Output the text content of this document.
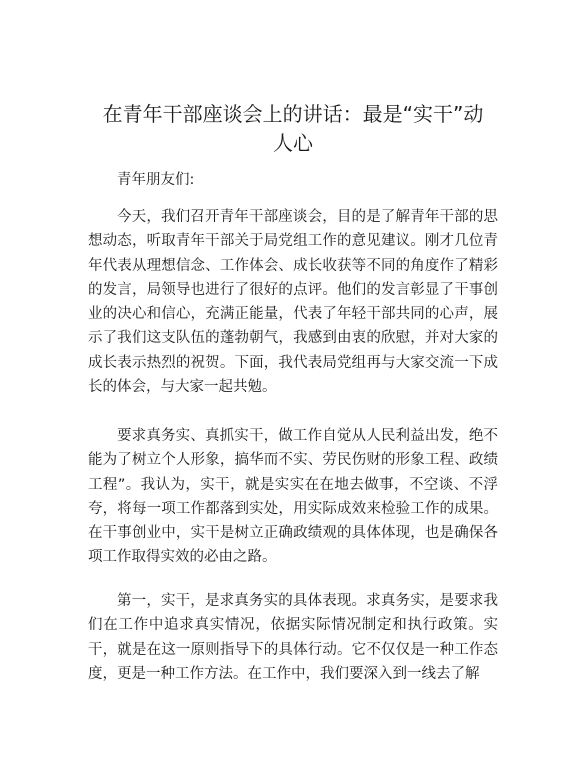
在青年干部座谈会上的讲话：最是“实干”动
人心

青年朋友们:

今天，我们召开青年干部座谈会，目的是了解青年干部的思想动态，听取青年干部关于局党组工作的意见建议。刚才几位青年代表从理想信念、工作体会、成长收获等不同的角度作了精彩的发言，局领导也进行了很好的点评。他们的发言彰显了干事创业的决心和信心，充满正能量，代表了年轻干部共同的心声，展示了我们这支队伍的蓬勃朝气，我感到由衷的欣慰，并对大家的成长表示热烈的祝贺。下面，我代表局党组再与大家交流一下成长的体会，与大家一起共勉。

要求真务实、真抓实干，做工作自觉从人民利益出发，绝不能为了树立个人形象，搞华而不实、劳民伤财的形象工程、政绩工程”。我认为，实干，就是实实在在地去做事，不空谈、不浮夸，将每一项工作都落到实处，用实际成效来检验工作的成果。在干事创业中，实干是树立正确政绩观的具体体现，也是确保各项工作取得实效的必由之路。

第一，实干，是求真务实的具体表现。求真务实，是要求我们在工作中追求真实情况，依据实际情况制定和执行政策。实干，就是在这一原则指导下的具体行动。它不仅仅是一种工作态度，更是一种工作方法。在工作中，我们要深入到一线去了解
